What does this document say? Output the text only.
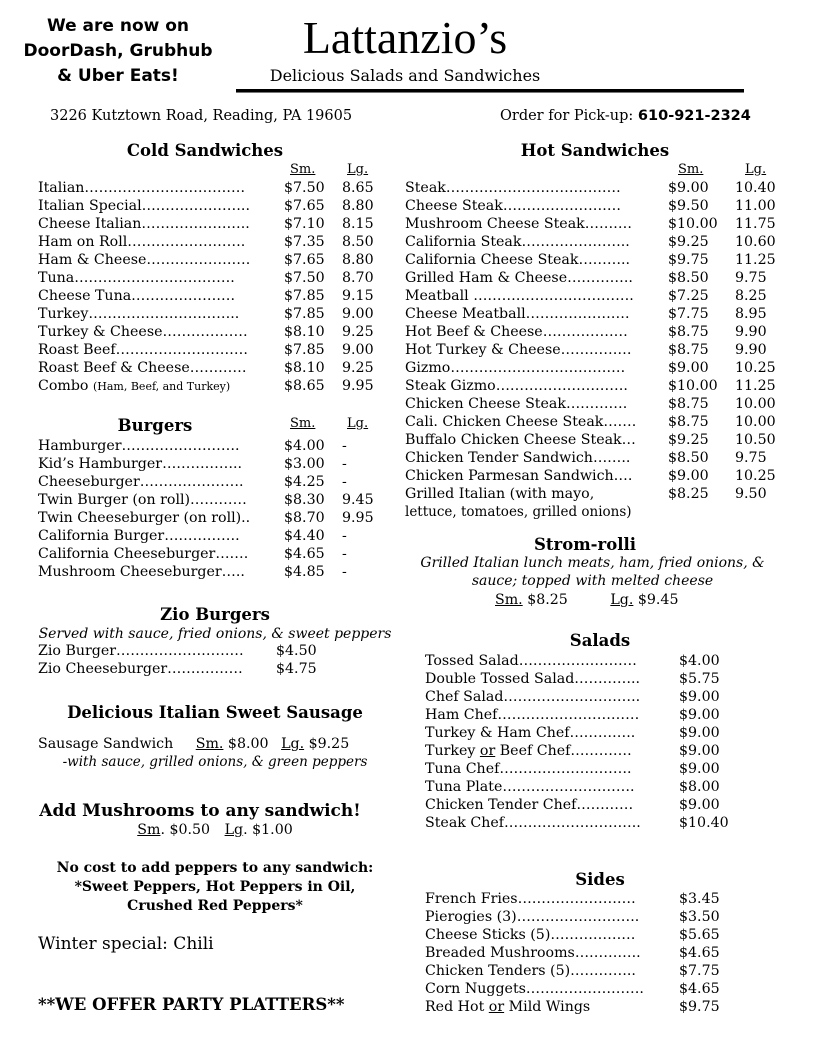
We are now on
DoorDash, Grubhub
& Uber Eats!
Lattanzio’s
Delicious Salads and Sandwiches
3226 Kutztown Road, Reading, PA 19605	Order for Pick-up: 610-921-2324
Cold Sandwiches
Sm. Lg.
Italian…………………………….	$7.50 8.65
Italian Special………………….. $7.65 8.80
Cheese Italian………………….. $7.10 8.15
Ham on Roll…………………….	$7.35 8.50
Ham & Cheese…………………. $7.65 8.80
Tuna…………………………….	$7.50 8.70
Cheese Tuna………………….	$7.85 9.15
Turkey…………………………..	$7.85 9.00
Turkey & Cheese………………	$8.10 9.25
Roast Beef……………………….	$7.85 9.00
Roast Beef & Cheese…………	$8.10 9.25
Combo (Ham, Beef, and Turkey)	$8.65 9.95
Burgers	Sm. Lg.
Hamburger…………………….	$4.00 -
Kid’s Hamburger……………..	$3.00 -
Cheeseburger………………….	$4.25 -
Twin Burger (on roll)…………	$8.30 9.45
Twin Cheeseburger (on roll).. $8.70 9.95
California Burger…………….	$4.40 -
California Cheeseburger…….	$4.65 -
Mushroom Cheeseburger…..	$4.85 -
Zio Burgers
Served with sauce, fried onions, & sweet peppers
Zio Burger……………………… $4.50
Zio Cheeseburger……………. $4.75
Delicious Italian Sweet Sausage
Sausage Sandwich Sm. $8.00 Lg. $9.25
-with sauce, grilled onions, & green peppers
Add Mushrooms to any sandwich!
Sm. $0.50 Lg. $1.00
No cost to add peppers to any sandwich:
*Sweet Peppers, Hot Peppers in Oil,
Crushed Red Peppers*
Winter special: Chili
**WE OFFER PARTY PLATTERS**
Hot Sandwiches
Sm.	Lg.
Steak……………………………….	$9.00 10.40
Cheese Steak…………………….	$9.50 11.00
Mushroom Cheese Steak……….	$10.00 11.75
California Steak…………………..	$9.25 10.60
California Cheese Steak………..	$9.75 11.25
Grilled Ham & Cheese………….. $8.50 9.75
Meatball ……………………………. $7.25 8.25
Cheese Meatball………………….	$7.75 8.95
Hot Beef & Cheese………………	$8.75 9.90
Hot Turkey & Cheese……………	$8.75 9.90
Gizmo……………………………….	$9.00 10.25
Steak Gizmo……………………….	$10.00 11.25
Chicken Cheese Steak………….	$8.75 10.00
Cali. Chicken Cheese Steak……. $8.75 10.00
Buffalo Chicken Cheese Steak… $9.25 10.50
Chicken Tender Sandwich……..	$8.50 9.75
Chicken Parmesan Sandwich….	$9.00 10.25
Grilled Italian (with mayo,	$8.25 9.50
lettuce, tomatoes, grilled onions)
Strom-rolli
Grilled Italian lunch meats, ham, fried onions, &
sauce; topped with melted cheese
Sm. $8.25	Lg. $9.45
Salads
Tossed Salad…………………….	$4.00
Double Tossed Salad…………..	$5.75
Chef Salad………………………..	$9.00
Ham Chef…………………………	$9.00
Turkey & Ham Chef…………..	$9.00
Turkey or Beef Chef………….	$9.00
Tuna Chef……………………….	$9.00
Tuna Plate……………………….	$8.00
Chicken Tender Chef…………	$9.00
Steak Chef………………………..	$10.40
Sides
French Fries…………………….	$3.45
Pierogies (3)……………………..	$3.50
Cheese Sticks (5)………………	$5.65
Breaded Mushrooms…………..	$4.65
Chicken Tenders (5)…………..	$7.75
Corn Nuggets……………………. $4.65
Red Hot or Mild Wings	$9.75
